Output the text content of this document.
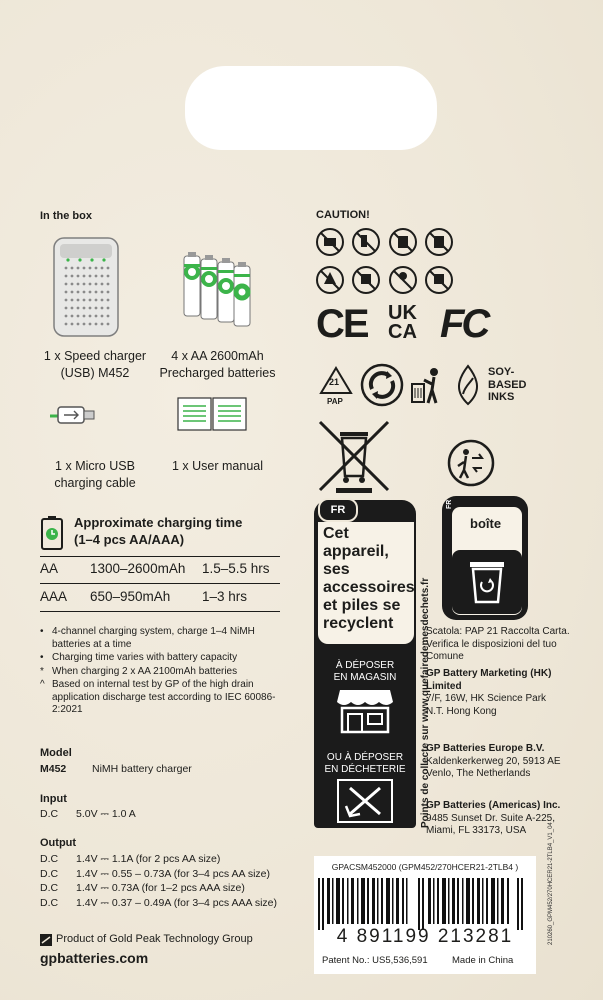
In the box
1 x Speed charger
(USB) M452
4 x AA 2600mAh
Precharged batteries
1 x Micro USB
charging cable
1 x User manual
Approximate charging time
(1–4 pcs AA/AAA)
AA 1300–2600mAh 1.5–5.5 hrs
AAA 650–950mAh 1–3 hrs
• 4-channel charging system, charge 1–4 NiMH batteries at a time
• Charging time varies with battery capacity
* When charging 2 x AA 2100mAh batteries
^ Based on internal test by GP of the high drain application discharge test according to IEC 60086-2:2021
Model
M452 NiMH battery charger
Input
D.C 5.0V ⎓ 1.0 A
Output
D.C 1.4V ⎓ 1.1A (for 2 pcs AA size)
D.C 1.4V ⎓ 0.55 – 0.73A (for 3–4 pcs AA size)
D.C 1.4V ⎓ 0.73A (for 1–2 pcs AAA size)
D.C 1.4V ⎓ 0.37 – 0.49A (for 3–4 pcs AAA size)
Product of Gold Peak Technology Group
gpbatteries.com
CAUTION!
CE UK
CA FC
21
PAP
SOY-
BASED
INKS
FR
Cet
appareil,
ses
accessoires
et piles se
recyclent
À DÉPOSER
EN MAGASIN
OU À DÉPOSER
EN DÉCHETERIE	Points de collecte sur www.quefairedemesdechets.fr
FR
boîte
Scatola: PAP 21 Raccolta Carta. Verifica le disposizioni del tuo Comune
GP Battery Marketing (HK) Limited
7/F, 16W, HK Science Park
N.T. Hong Kong
GP Batteries Europe B.V.
Kaldenkerkerweg 20, 5913 AE
Venlo, The Netherlands
GP Batteries (Americas) Inc.
9485 Sunset Dr. Suite A-225,
Miami, FL 33173, USA	210260_GPM452/270HCER21-2TLB4_V1_04
GPACSM452000 (GPM452/270HCER21-2TLB4 )
4 891199 213281
Patent No.: US5,536,591	Made in China
